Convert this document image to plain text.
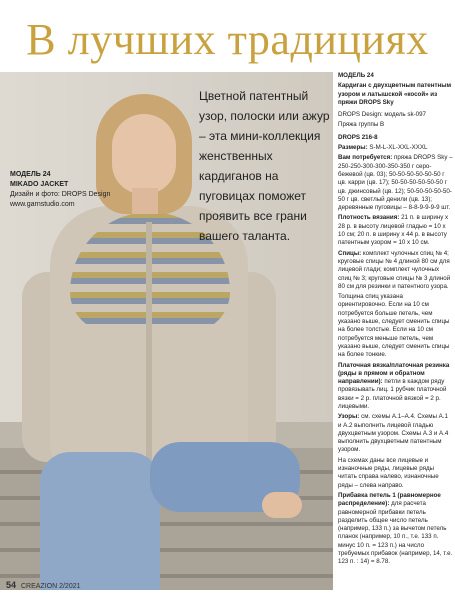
В лучших традициях
Цветной патентный узор, полоски или ажур – эта мини-коллекция женственных кардиганов на пуговицах поможет проявить все грани вашего таланта.
МОДЕЛЬ 24
MIKADO JACKET
Дизайн и фото: DROPS Design
www.garnstudio.com

МОДЕЛЬ 24

Кардиган с двухцветным патентным узором и латышской «косой» из пряжи DROPS Sky

DROPS Design: модель sk-097

Пряжа группы B

DROPS 216-8

Размеры: S-M-L-XL-XXL-XXXL

Вам потребуется: пряжа DROPS Sky – 250-250-300-300-350-350 г серо-бежевой (цв. 03); 50-50-50-50-50-50 г цв. карри (цв. 17); 50-50-50-50-50-50 г цв. джинсовый (цв. 12); 50-50-50-50-50-50 г цв. светлый денили (цв. 13); деревянные пуговицы – 8-8-9-9-9-9 шт.

Плотность вязания: 21 п. в ширину х 28 р. в высоту лицевой гладью = 10 х 10 см; 20 п. в ширину х 44 р. в высоту патентным узором = 10 х 10 см.

Спицы: комплект чулочных спиц № 4; круговые спицы № 4 длиной 80 см для лицевой глади; комплект чулочных спиц № 3; круговые спицы № 3 длиной 80 см для резинки и патентного узора.

Толщина спиц указана ориентировочно. Если на 10 см потребуется больше петель, чем указано выше, следует сменить спицы на более толстые. Если на 10 см потребуется меньше петель, чем указано выше, следует сменить спицы на более тонкие.

Платочная вязка/платочная резинка (ряды в прямом и обратном направлении): петли в каждом ряду провязывать лиц. 1 рубчик платочной вязки = 2 р. платочной вязкой = 2 р. лицевыми.

Узоры: см. схемы A.1–A.4. Схемы A.1 и A.2 выполнить лицевой гладью двухцветным узором. Схемы A.3 и A.4 выполнить двухцветным патентным узором.

На схемах даны все лицевые и изнаночные ряды, лицевые ряды читать справа налево, изнаночные ряды – слева направо.

Прибавка петель 1 (равномерное распределение): для расчета равномерной прибавки петель разделить общее число петель (например, 133 п.) за вычетом петель планок (например, 10 п., т.е. 133 п. минус 10 п. = 123 п.) на число требуемых прибавок (например, 14, т.е. 123 п. : 14) = 8.78.

54 CREAZION 2/2021
